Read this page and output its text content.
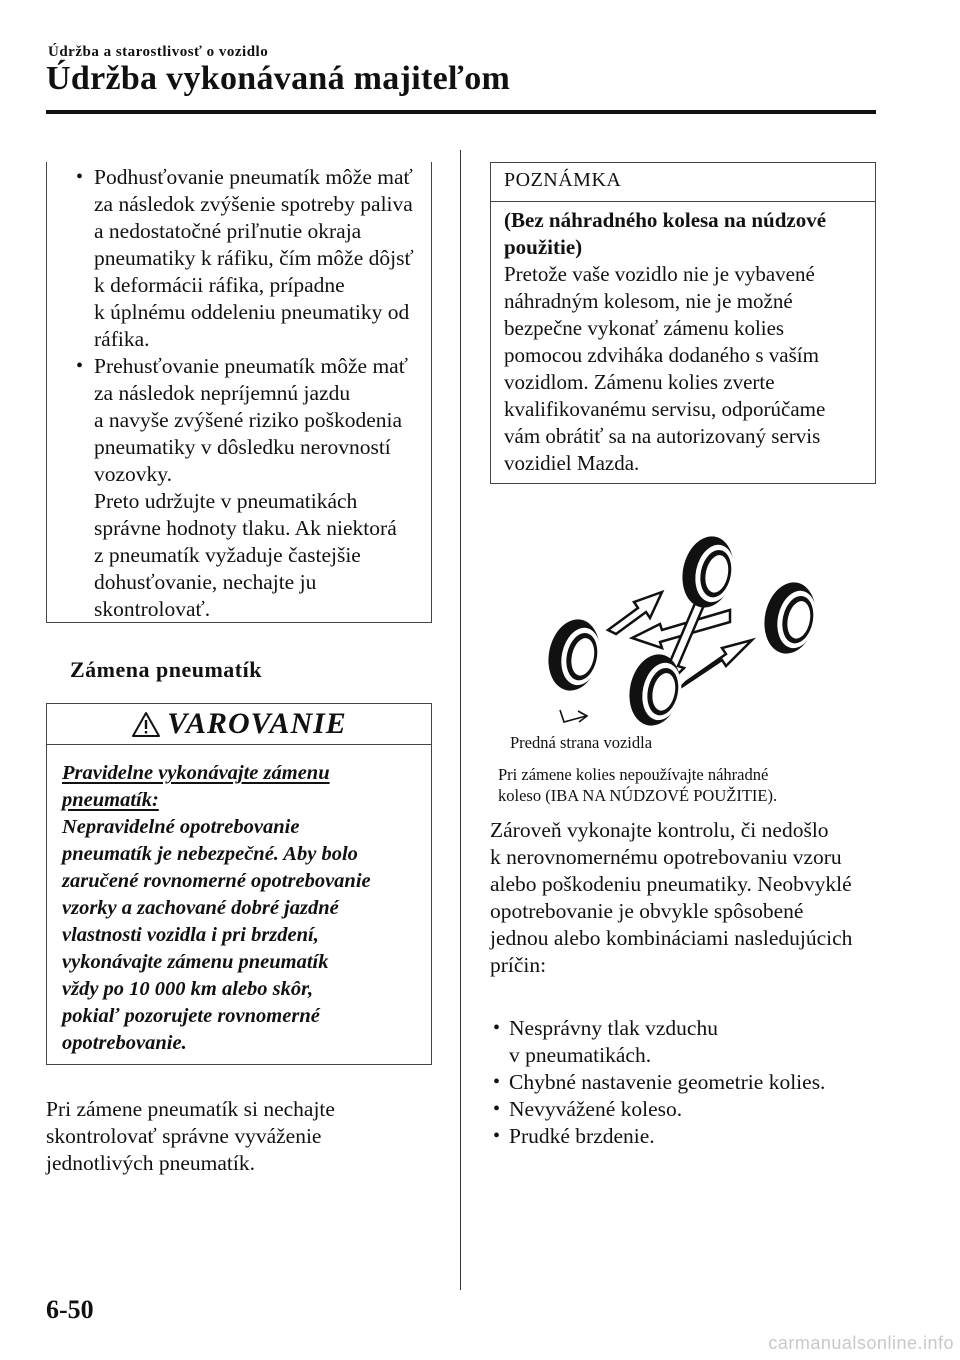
Údržba a starostlivosť o vozidlo
Údržba vykonávaná majiteľom
• Podhusťovanie pneumatík môže mať
za následok zvýšenie spotreby paliva
a nedostatočné priľnutie okraja
pneumatiky k ráfiku, čím môže dôjsť
k deformácii ráfika, prípadne
k úplnému oddeleniu pneumatiky od
ráfika.
• Prehusťovanie pneumatík môže mať
za následok nepríjemnú jazdu
a navyše zvýšené riziko poškodenia
pneumatiky v dôsledku nerovností
vozovky.
Preto udržujte v pneumatikách
správne hodnoty tlaku. Ak niektorá
z pneumatík vyžaduje častejšie
dohusťovanie, nechajte ju
skontrolovať.
Zámena pneumatík
VAROVANIE
Pravidelne vykonávajte zámenu
pneumatík:
Nepravidelné opotrebovanie
pneumatík je nebezpečné. Aby bolo
zaručené rovnomerné opotrebovanie
vzorky a zachované dobré jazdné
vlastnosti vozidla i pri brzdení,
vykonávajte zámenu pneumatík
vždy po 10 000 km alebo skôr,
pokiaľ pozorujete rovnomerné
opotrebovanie.
Pri zámene pneumatík si nechajte
skontrolovať správne vyváženie
jednotlivých pneumatík.
POZNÁMKA
(Bez náhradného kolesa na núdzové
použitie)
Pretože vaše vozidlo nie je vybavené
náhradným kolesom, nie je možné
bezpečne vykonať zámenu kolies
pomocou zdviháka dodaného s vaším
vozidlom. Zámenu kolies zverte
kvalifikovanému servisu, odporúčame
vám obrátiť sa na autorizovaný servis
vozidiel Mazda.
Predná strana vozidla
Pri zámene kolies nepoužívajte náhradné
koleso (IBA NA NÚDZOVÉ POUŽITIE).
Zároveň vykonajte kontrolu, či nedošlo
k nerovnomernému opotrebovaniu vzoru
alebo poškodeniu pneumatiky. Neobvyklé
opotrebovanie je obvykle spôsobené
jednou alebo kombináciami nasledujúcich
príčin:
• Nesprávny tlak vzduchu
v pneumatikách.
• Chybné nastavenie geometrie kolies.
• Nevyvážené koleso.
• Prudké brzdenie.
6-50
carmanualsonline.info
